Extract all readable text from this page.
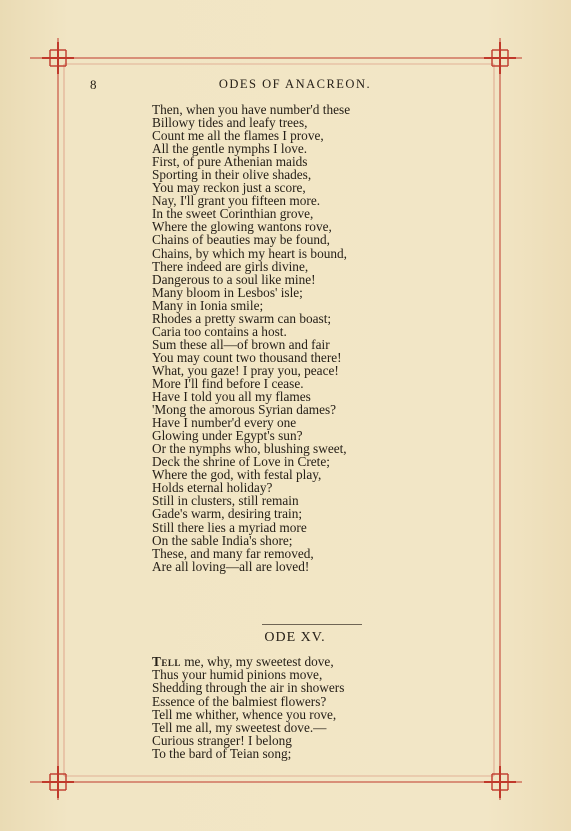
8	ODES OF ANACREON.
Then, when you have number'd these
Billowy tides and leafy trees,
Count me all the flames I prove,
All the gentle nymphs I love.
First, of pure Athenian maids
Sporting in their olive shades,
You may reckon just a score,
Nay, I'll grant you fifteen more.
In the sweet Corinthian grove,
Where the glowing wantons rove,
Chains of beauties may be found,
Chains, by which my heart is bound,
There indeed are girls divine,
Dangerous to a soul like mine!
Many bloom in Lesbos' isle;
Many in Ionia smile;
Rhodes a pretty swarm can boast;
Caria too contains a host.
Sum these all—of brown and fair
You may count two thousand there!
What, you gaze! I pray you, peace!
More I'll find before I cease.
Have I told you all my flames
'Mong the amorous Syrian dames?
Have I number'd every one
Glowing under Egypt's sun?
Or the nymphs who, blushing sweet,
Deck the shrine of Love in Crete;
Where the god, with festal play,
Holds eternal holiday?
Still in clusters, still remain
Gade's warm, desiring train;
Still there lies a myriad more
On the sable India's shore;
These, and many far removed,
Are all loving—all are loved!
ODE XV.
Tell me, why, my sweetest dove,
Thus your humid pinions move,
Shedding through the air in showers
Essence of the balmiest flowers?
Tell me whither, whence you rove,
Tell me all, my sweetest dove.—
Curious stranger! I belong
To the bard of Teian song;
